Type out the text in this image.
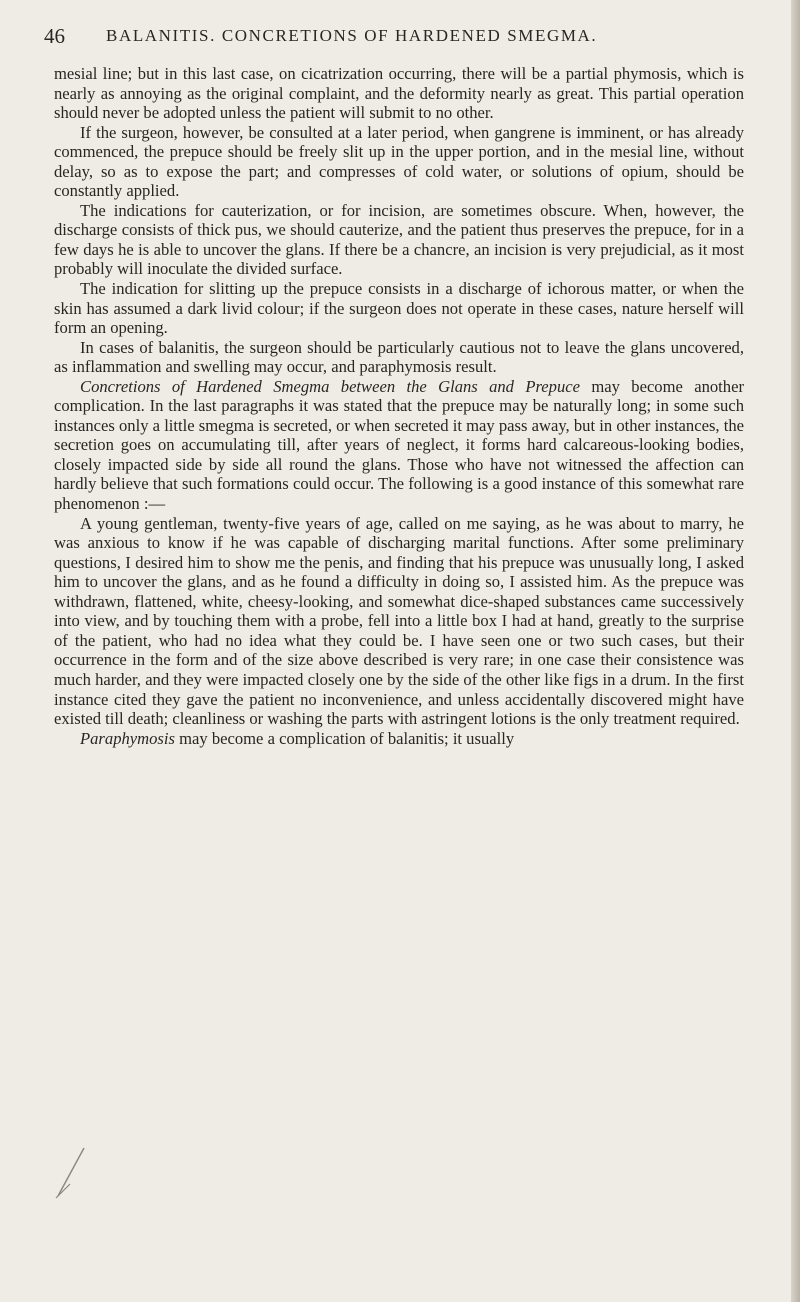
46 BALANITIS. CONCRETIONS OF HARDENED SMEGMA.

mesial line; but in this last case, on cicatrization occurring, there will be a partial phymosis, which is nearly as annoying as the original complaint, and the deformity nearly as great. This partial operation should never be adopted unless the patient will submit to no other.

If the surgeon, however, be consulted at a later period, when gangrene is imminent, or has already commenced, the prepuce should be freely slit up in the upper portion, and in the mesial line, without delay, so as to expose the part; and compresses of cold water, or solutions of opium, should be constantly applied.

The indications for cauterization, or for incision, are sometimes obscure. When, however, the discharge consists of thick pus, we should cauterize, and the patient thus preserves the prepuce, for in a few days he is able to uncover the glans. If there be a chancre, an incision is very prejudicial, as it most probably will inoculate the divided surface.

The indication for slitting up the prepuce consists in a discharge of ichorous matter, or when the skin has assumed a dark livid colour; if the surgeon does not operate in these cases, nature herself will form an opening.

In cases of balanitis, the surgeon should be particularly cautious not to leave the glans uncovered, as inflammation and swelling may occur, and paraphymosis result.

Concretions of Hardened Smegma between the Glans and Prepuce may become another complication. In the last paragraphs it was stated that the prepuce may be naturally long; in some such instances only a little smegma is secreted, or when secreted it may pass away, but in other instances, the secretion goes on accumulating till, after years of neglect, it forms hard calcareous-looking bodies, closely impacted side by side all round the glans. Those who have not witnessed the affection can hardly believe that such formations could occur. The following is a good instance of this somewhat rare phenomenon :—

A young gentleman, twenty-five years of age, called on me saying, as he was about to marry, he was anxious to know if he was capable of discharging marital functions. After some preliminary questions, I desired him to show me the penis, and finding that his prepuce was unusually long, I asked him to uncover the glans, and as he found a difficulty in doing so, I assisted him. As the prepuce was withdrawn, flattened, white, cheesy-looking, and somewhat dice-shaped substances came successively into view, and by touching them with a probe, fell into a little box I had at hand, greatly to the surprise of the patient, who had no idea what they could be. I have seen one or two such cases, but their occurrence in the form and of the size above described is very rare; in one case their consistence was much harder, and they were impacted closely one by the side of the other like figs in a drum. In the first instance cited they gave the patient no inconvenience, and unless accidentally discovered might have existed till death; cleanliness or washing the parts with astringent lotions is the only treatment required.

Paraphymosis may become a complication of balanitis; it usually
